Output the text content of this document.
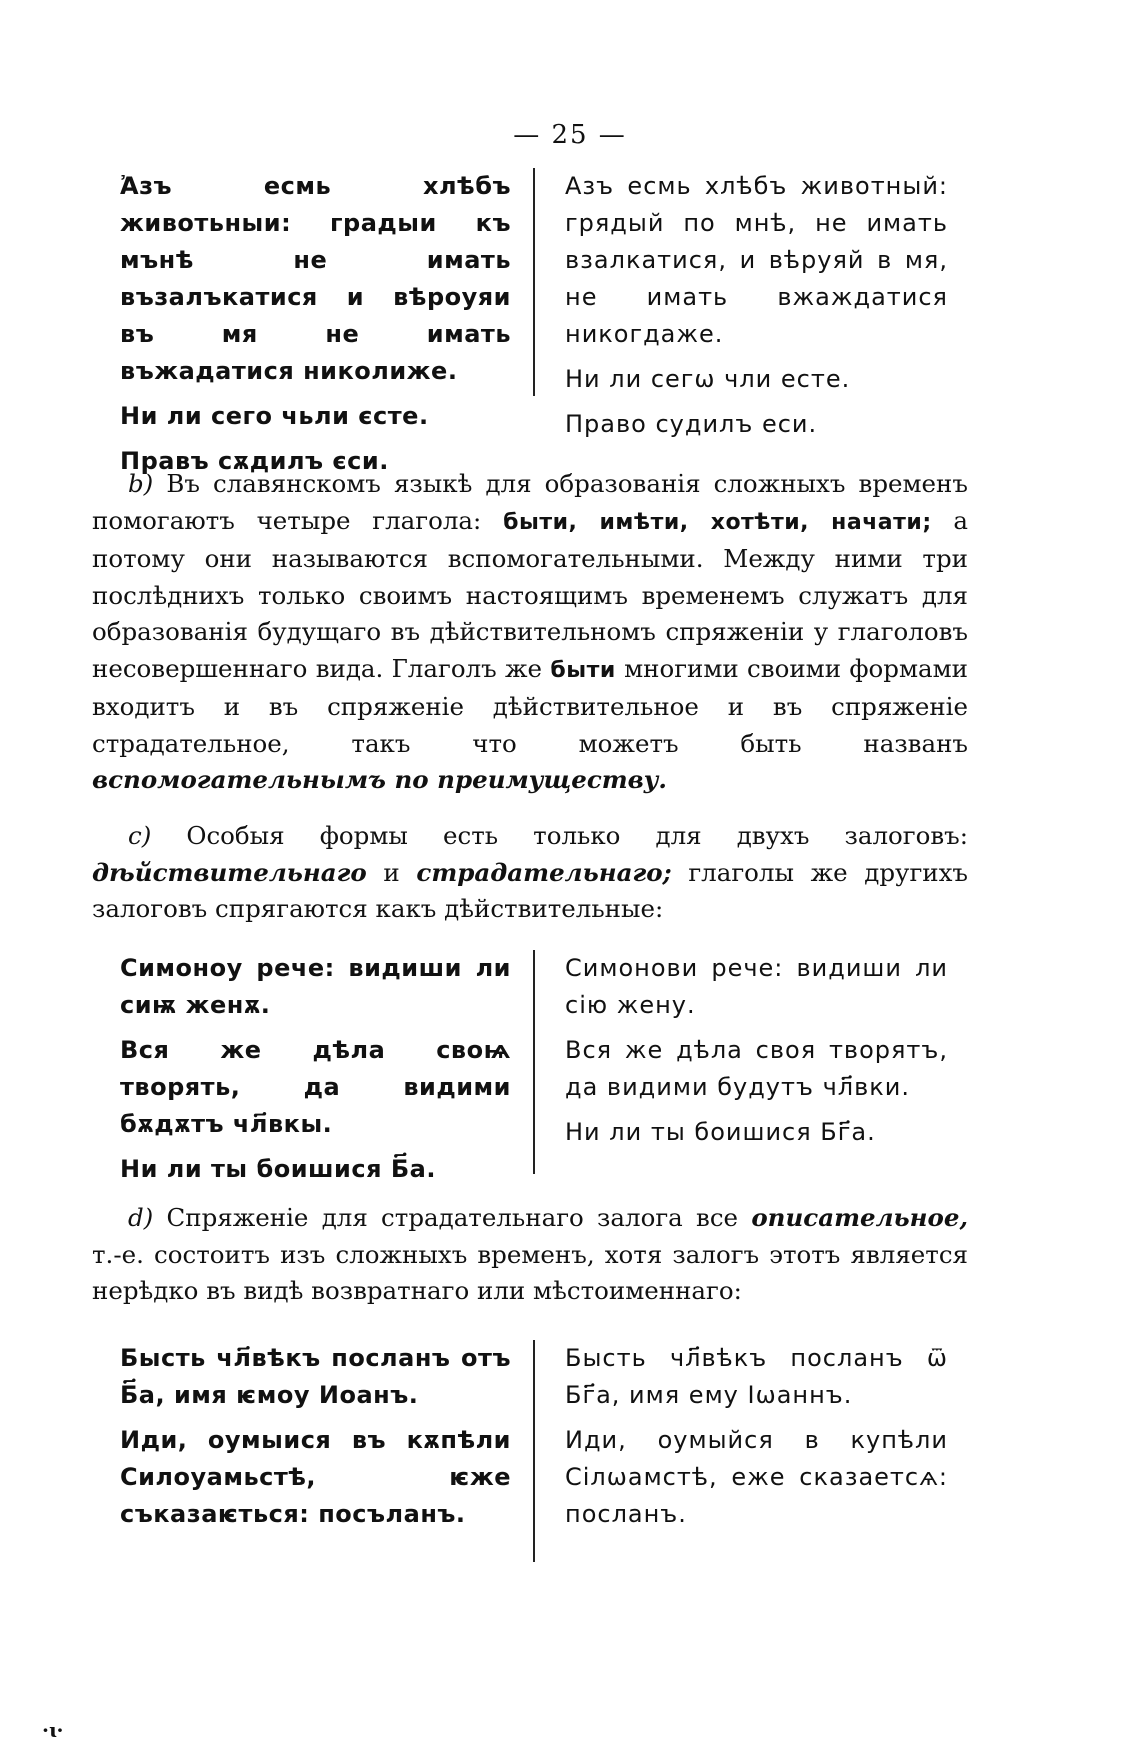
— 25 —

Ἀзъ есмь хлѣбъ животьныи: градыи къ мънѣ не имать възалъкатися и вѣроуяи въ мя не имать въжадатися николиже.

Ни ли сего чьли єсте.

Правъ сѫдилъ єси.

Азъ есмь хлѣбъ животный: грядый по мнѣ, не имать взалкатися, и вѣруяй в мя, не имать вжаждатися никогдаже.

Ни ли сегѡ чли есте.

Право судилъ еси.

b) Въ славянскомъ языкѣ для образованія сложныхъ временъ помогаютъ четыре глагола: быти, имѣти, хотѣти, начати; а потому они называются вспомогательными. Между ними три послѣднихъ только своимъ настоящимъ временемъ служатъ для образованія будущаго въ дѣйствительномъ спряженіи у глаголовъ несовершеннаго вида. Глаголъ же быти многими своими формами входитъ и въ спряженіе дѣйствительное и въ спряженіе страдательное, такъ что можетъ быть названъ вспомогательнымъ по преимуществу.

c) Особыя формы есть только для двухъ залоговъ: дѣйствительнаго и страдательнаго; глаголы же другихъ залоговъ спрягаются какъ дѣйствительные:

Симоноу рече: видиши ли сиѭ женѫ.

Вся же дѣла своѩ творять, да видими бѫдѫтъ чл҃вкы.

Ни ли ты боишися Б҃а.

Симонови рече: видиши ли сію жену.

Вся же дѣла своя творятъ, да видими будутъ чл҃вки.

Ни ли ты боишися Бг҃а.

d) Спряженіе для страдательнаго залога все описательное, т.-е. состоитъ изъ сложныхъ временъ, хотя залогъ этотъ является нерѣдко въ видѣ возвратнаго или мѣстоименнаго:

Бысть чл҃вѣкъ посланъ отъ Б҃а, имя ѥмоу Иоанъ.

Иди, оумыися въ кѫпѣли Силоуамьстѣ, ѥже съказаѥться: посъланъ.

Бысть чл҃вѣкъ посланъ ѿ Бг҃а, имя ему Іѡаннъ.

Иди, оумыйся в купѣли Сілѡамстѣ, еже сказаетсѧ: посланъ.

·ꙇ·
